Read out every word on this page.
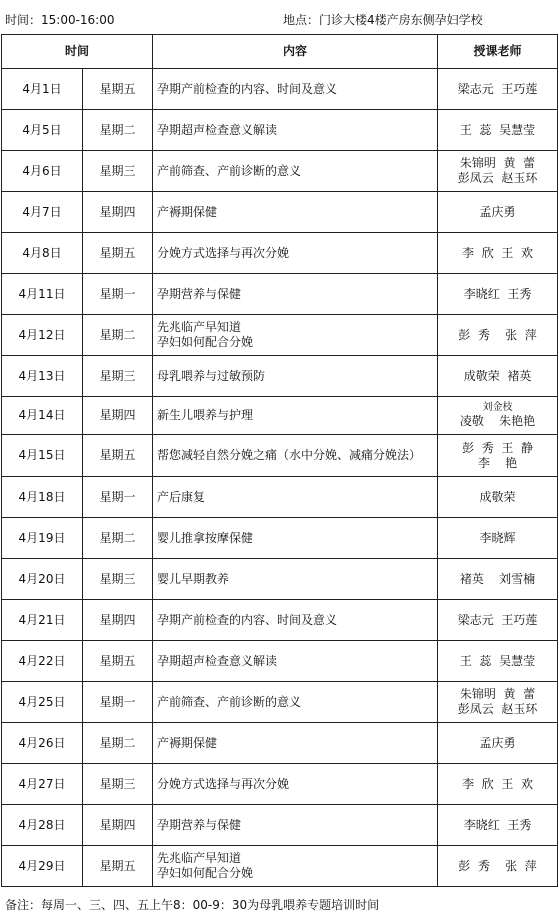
时间：15:00-16:00	地点：门诊大楼4楼产房东侧孕妇学校
时间		内容	授课老师
4月1日	星期五	孕期产前检查的内容、时间及意义	梁志元  王巧莲

4月5日	星期二	孕期超声检查意义解读	王  蕊  吴慧莹

4月6日	星期三	产前筛查、产前诊断的意义	朱锦明  黄  蕾
彭凤云  赵玉环

4月7日	星期四	产褥期保健	孟庆勇

4月8日	星期五	分娩方式选择与再次分娩	李  欣  王  欢

4月11日	星期一	孕期营养与保健	李晓红  王秀

4月12日	星期二	先兆临产早知道
孕妇如何配合分娩	彭  秀    张  萍

4月13日	星期三	母乳喂养与过敏预防	成敬荣  褚英

4月14日	星期四	新生儿喂养与护理	刘金枝
凌敬    朱艳艳

4月15日	星期五	帮您减轻自然分娩之痛（水中分娩、减痛分娩法）	彭  秀  王  静
李    艳

4月18日	星期一	产后康复	成敬荣

4月19日	星期二	婴儿推拿按摩保健	李晓辉

4月20日	星期三	婴儿早期教养	褚英    刘雪楠

4月21日	星期四	孕期产前检查的内容、时间及意义	梁志元  王巧莲

4月22日	星期五	孕期超声检查意义解读	王  蕊  吴慧莹

4月25日	星期一	产前筛查、产前诊断的意义	朱锦明  黄  蕾
彭凤云  赵玉环

4月26日	星期二	产褥期保健	孟庆勇

4月27日	星期三	分娩方式选择与再次分娩	李  欣  王  欢

4月28日	星期四	孕期营养与保健	李晓红  王秀

4月29日	星期五	先兆临产早知道
孕妇如何配合分娩	彭  秀    张  萍
备注：每周一、三、四、五上午8：00-9：30为母乳喂养专题培训时间
